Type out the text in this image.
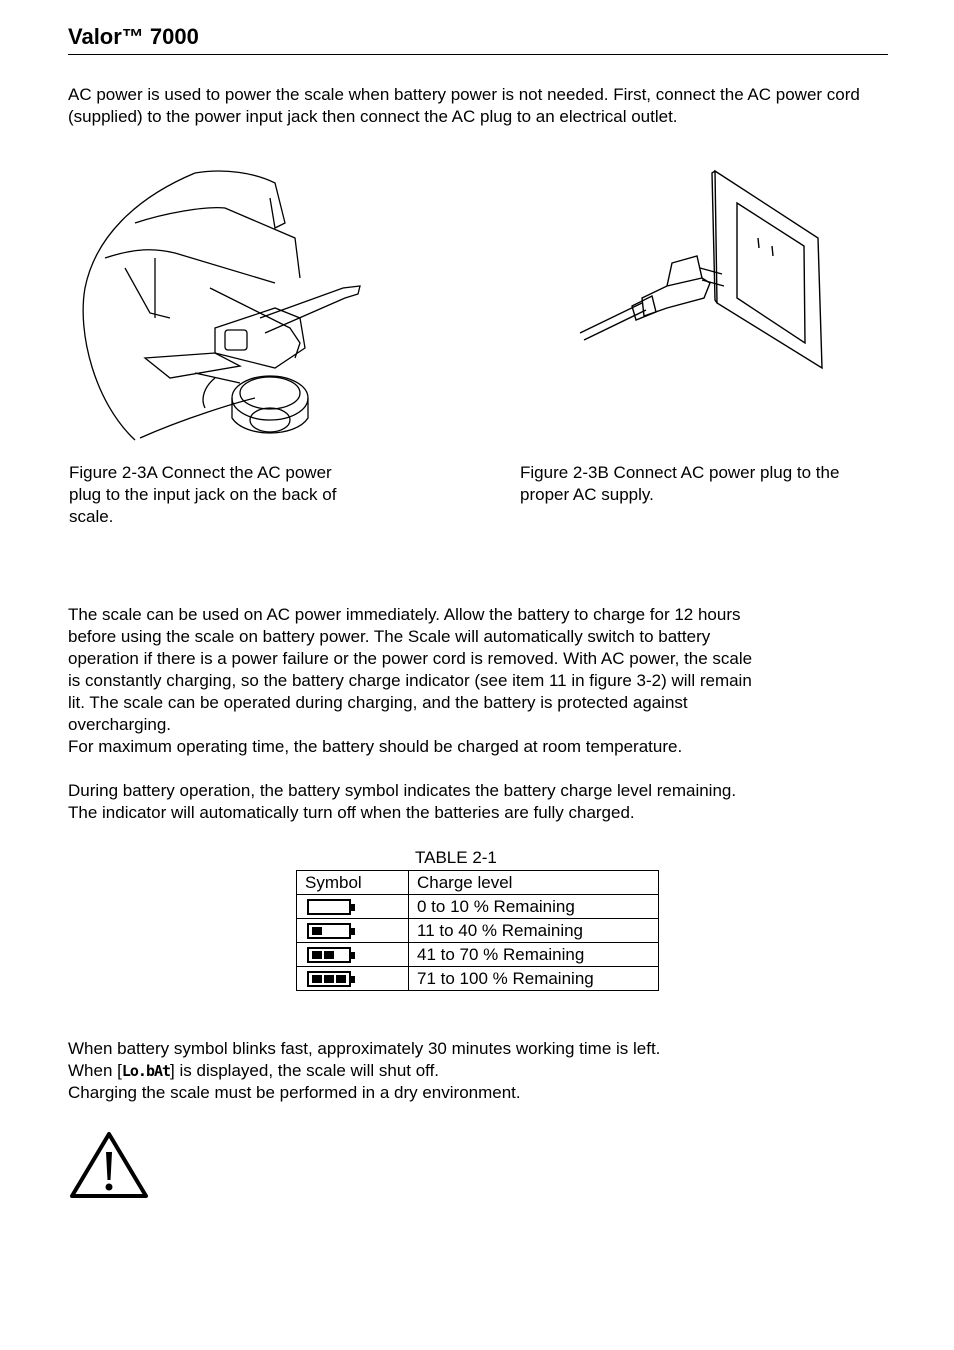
Valor™ 7000

AC power is used to power the scale when battery power is not needed. First, connect the AC power cord (supplied) to the power input jack then connect the AC plug to an electrical outlet.

Figure 2-3A Connect the AC power plug to the input jack on the back of scale.

Figure 2-3B Connect AC power plug to the proper AC supply.

The scale can be used on AC power immediately. Allow the battery to charge for 12 hours
before using the scale on battery power. The Scale will automatically switch to battery
operation if there is a power failure or the power cord is removed. With AC power, the scale
is constantly charging, so the battery charge indicator (see item 11 in figure 3-2) will remain
lit. The scale can be operated during charging, and the battery is protected against
overcharging.
For maximum operating time, the battery should be charged at room temperature.

During battery operation, the battery symbol indicates the battery charge level remaining.
The indicator will automatically turn off when the batteries are fully charged.

TABLE 2-1
Symbol	Charge level
	0 to 10 % Remaining

	11 to 40 % Remaining

	41 to 70 % Remaining

	71 to 100 % Remaining

When battery symbol blinks fast, approximately 30 minutes working time is left.
When [Lo.bAt] is displayed, the scale will shut off.
Charging the scale must be performed in a dry environment.
